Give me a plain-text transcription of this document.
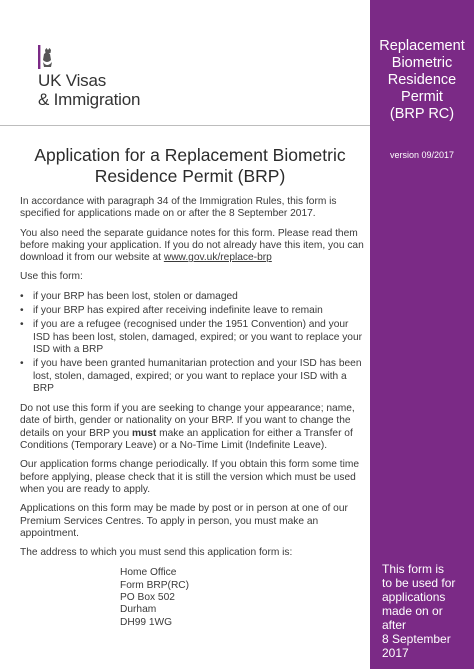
UK Visas
& Immigration
Application for a Replacement Biometric
Residence Permit (BRP)

In accordance with paragraph 34 of the Immigration Rules, this form is specified for applications made on or after the 8 September 2017.

You also need the separate guidance notes for this form. Please read them before making your application. If you do not already have this item, you can download it from our website at www.gov.uk/replace-brp

Use this form:

• if your BRP has been lost, stolen or damaged
• if your BRP has expired after receiving indefinite leave to remain
• if you are a refugee (recognised under the 1951 Convention) and your ISD has been lost, stolen, damaged, expired; or you want to replace your ISD with a BRP
• if you have been granted humanitarian protection and your ISD has been lost, stolen, damaged, expired; or you want to replace your ISD with a BRP

Do not use this form if you are seeking to change your appearance; name, date of birth, gender or nationality on your BRP. If you want to change the details on your BRP you must make an application for either a Transfer of Conditions (Temporary Leave) or a No-Time Limit (Indefinite Leave).

Our application forms change periodically. If you obtain this form some time before applying, please check that it is still the version which must be used when you are ready to apply.

Applications on this form may be made by post or in person at one of our Premium Services Centres. To apply in person, you must make an appointment.

The address to which you must send this application form is:

Home Office
Form BRP(RC)
PO Box 502
Durham
DH99 1WG
Replacement
Biometric
Residence
Permit
(BRP RC)
version 09/2017
This form is
to be used for
applications
made on or after
8 September
2017
